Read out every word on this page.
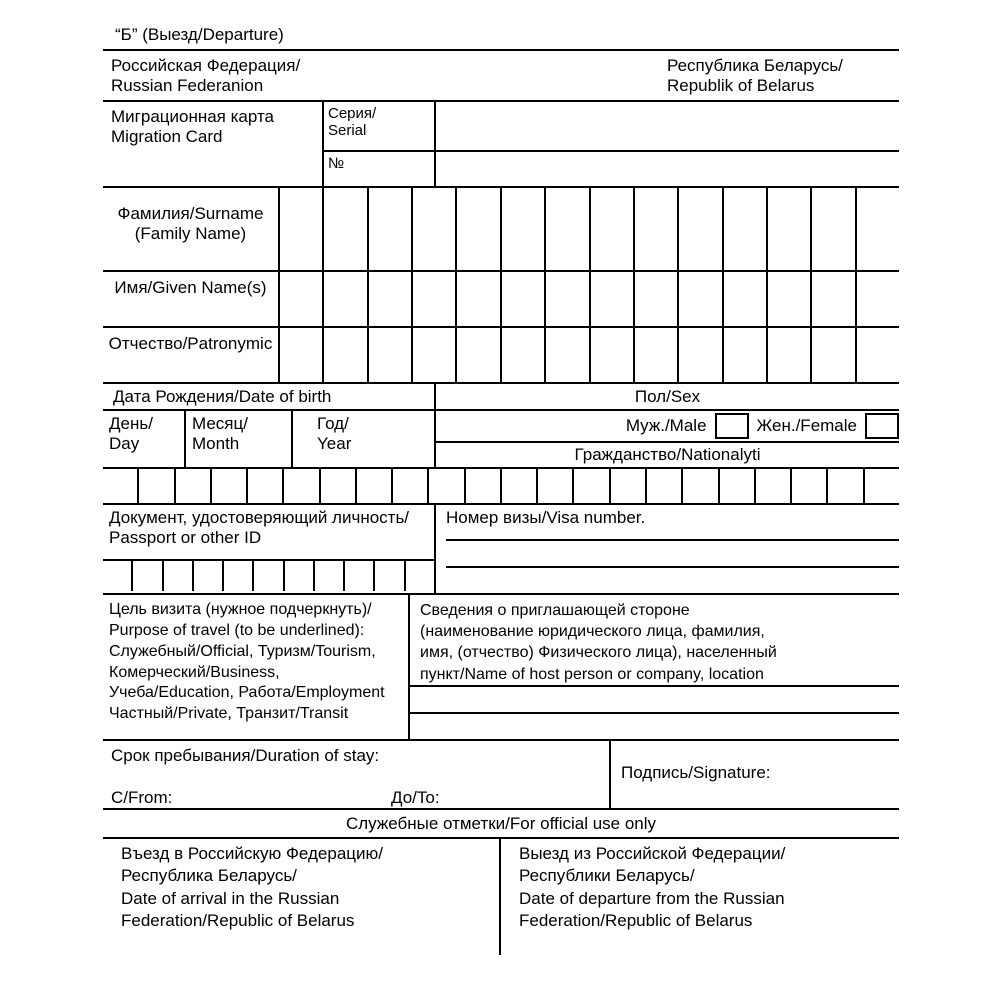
“Б” (Выезд/Departure)
Российская Федерация/
Russian Federanion
Республика Беларусь/
Republik of Belarus
Миграционная карта
Migration Card
Серия/
Serial
№
Фамилия/Surname
(Family Name)
Имя/Given Name(s)
Отчество/Patronymic
Дата Рождения/Date of birth	Пол/Sex
День/
Day
Месяц/
Month
Год/
Year
Муж./Male	Жен./Female
Гражданство/Nationalyti
Документ, удостоверяющий личность/
Passport or other ID
Номер визы/Visa number.
Цель визита (нужное подчеркнуть)/
Purpose of travel (to be underlined):
Служебный/Official, Туризм/Tourism,
Комерческий/Business,
Учеба/Education, Работа/Employment
Частный/Private, Транзит/Transit
Сведения о приглашающей стороне
(наименование юридического лица, фамилия,
имя, (отчество) Физического лица), населенный
пункт/Name of host person or company, location
Срок пребывания/Duration of stay:
С/From:	До/To:
Подпись/Signature:
Служебные отметки/For official use only
Въезд в Российскую Федерацию/
Республика Беларусь/
Date of arrival in the Russian
Federation/Republic of Belarus
Выезд из Российской Федерации/
Республики Беларусь/
Date of departure from the Russian
Federation/Republic of Belarus
